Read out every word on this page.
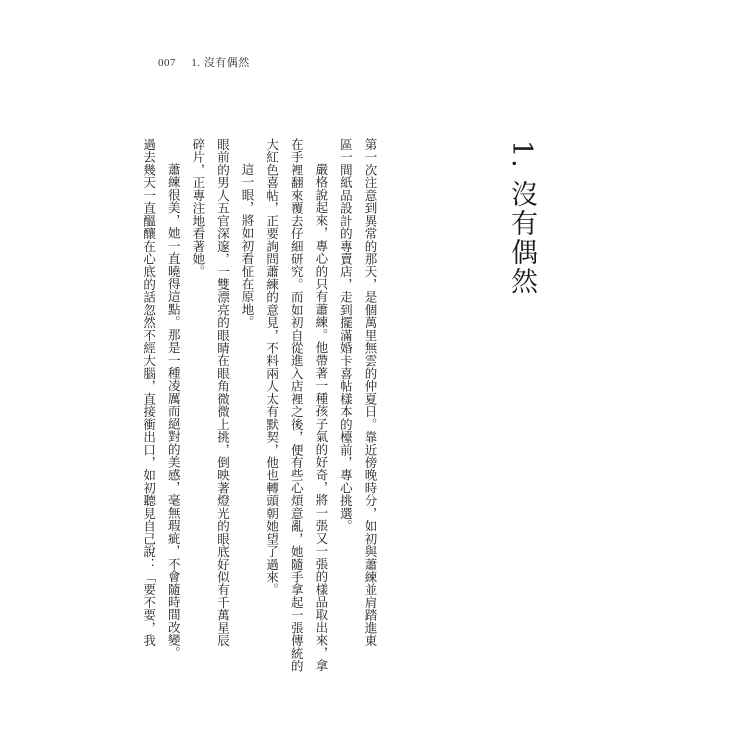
007 1. 沒有偶然
1. 沒有偶然

第一次注意到異常的那天，是個萬里無雲的仲夏日。靠近傍晚時分，如初與蕭練並肩踏進東

區一間紙品設計的專賣店，走到擺滿婚卡喜帖樣本的檯前，專心挑選。

嚴格說起來，專心的只有蕭練。他帶著一種孩子氣的好奇，將一張又一張的樣品取出來，拿

在手裡翻來覆去仔細研究。而如初自從進入店裡之後，便有些心煩意亂，她隨手拿起一張傳統的

大紅色喜帖，正要詢問蕭練的意見，不料兩人太有默契，他也轉頭朝她望了過來。

這一眼，將如初看怔在原地。

眼前的男人五官深邃，一雙漂亮的眼睛在眼角微微上挑，倒映著燈光的眼底好似有千萬星辰

碎片，正專注地看著她。

蕭練很美，她一直曉得這點。那是一種凌厲而絕對的美感，毫無瑕疵，不會隨時間改變。

過去幾天一直醞釀在心底的話忽然不經大腦，直接衝出口，如初聽見自己說：「要不要，我
